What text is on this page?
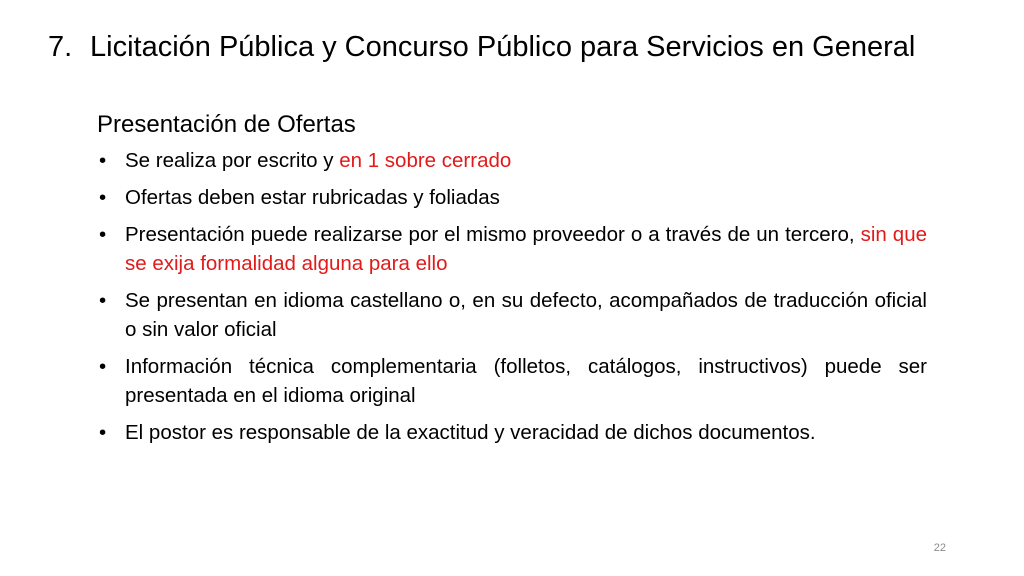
7. Licitación Pública y Concurso Público para Servicios en General
Presentación de Ofertas
• Se realiza por escrito y en 1 sobre cerrado
• Ofertas deben estar rubricadas y foliadas
• Presentación puede realizarse por el mismo proveedor o a través de un tercero, sin que se exija formalidad alguna para ello
• Se presentan en idioma castellano o, en su defecto, acompañados de traducción oficial o sin valor oficial
• Información técnica complementaria (folletos, catálogos, instructivos) puede ser presentada en el idioma original
• El postor es responsable de la exactitud y veracidad de dichos documentos.
22
